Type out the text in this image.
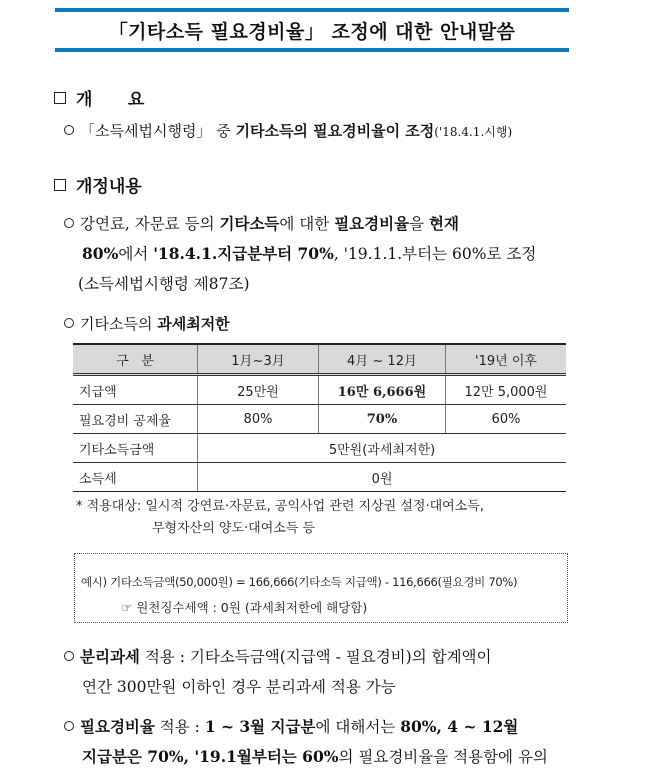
「기타소득 필요경비율」 조정에 대한 안내말씀
개      요
「소득세법시행령」 중 기타소득의 필요경비율이 조정('18.4.1.시행)
개정내용
강연료, 자문료 등의 기타소득에 대한 필요경비율을 현재
80%에서 '18.4.1.지급분부터 70%, '19.1.1.부터는 60%로 조정
(소득세법시행령 제87조)
기타소득의 과세최저한
구   분	1月~3月	4月 ~ 12月	'19년 이후
지급액	25만원	16만 6,666원	12만 5,000원
필요경비 공제율	80%	70%	60%
기타소득금액	5만원(과세최저한)		
소득세	0원		
* 적용대상: 일시적 강연료·자문료, 공익사업 관련 지상권 설정·대여소득,
무형자산의 양도·대여소득 등
예시) 기타소득금액(50,000원) = 166,666(기타소득 지급액) - 116,666(필요경비 70%)
☞ 원천징수세액 : 0원 (과세최저한에 해당함)
분리과세 적용 : 기타소득금액(지급액 - 필요경비)의 합계액이
연간 300만원 이하인 경우 분리과세 적용 가능
필요경비율 적용 : 1 ~ 3월 지급분에 대해서는 80%, 4 ~ 12월
지급분은 70%, '19.1월부터는 60%의 필요경비율을 적용함에 유의
